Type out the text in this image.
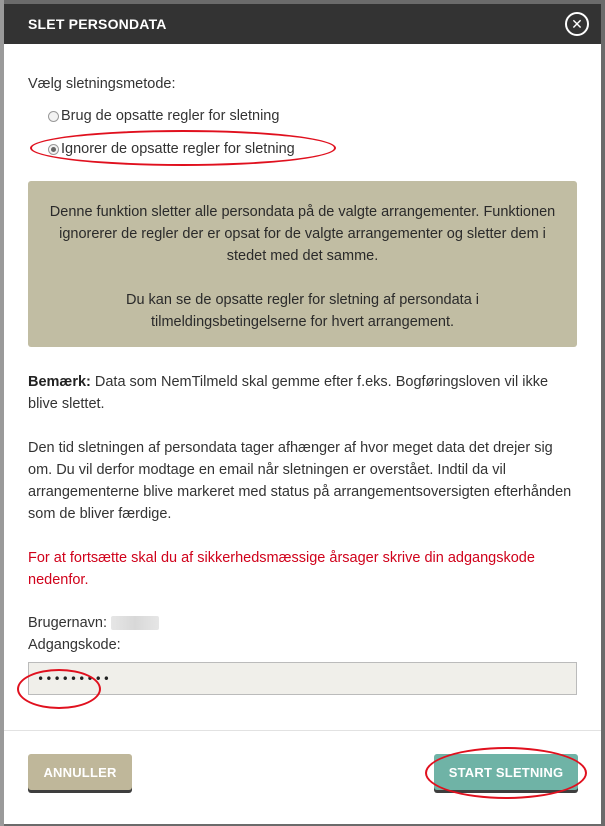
SLET PERSONDATA	✕
Vælg sletningsmetode:
Brug de opsatte regler for sletning
Ignorer de opsatte regler for sletning

Denne funktion sletter alle persondata på de valgte arrangementer. Funktionen ignorerer de regler der er opsat for de valgte arrangementer og sletter dem i stedet med det samme.

Du kan se de opsatte regler for sletning af persondata i tilmeldingsbetingelserne for hvert arrangement.

Bemærk: Data som NemTilmeld skal gemme efter f.eks. Bogføringsloven vil ikke blive slettet.
Den tid sletningen af persondata tager afhænger af hvor meget data det drejer sig om. Du vil derfor modtage en email når sletningen er overstået. Indtil da vil arrangementerne blive markeret med status på arrangementsoversigten efterhånden som de bliver færdige.
For at fortsætte skal du af sikkerhedsmæssige årsager skrive din adgangskode nedenfor.
Brugernavn:
Adgangskode:
•••••••••
ANNULLER	START SLETNING
